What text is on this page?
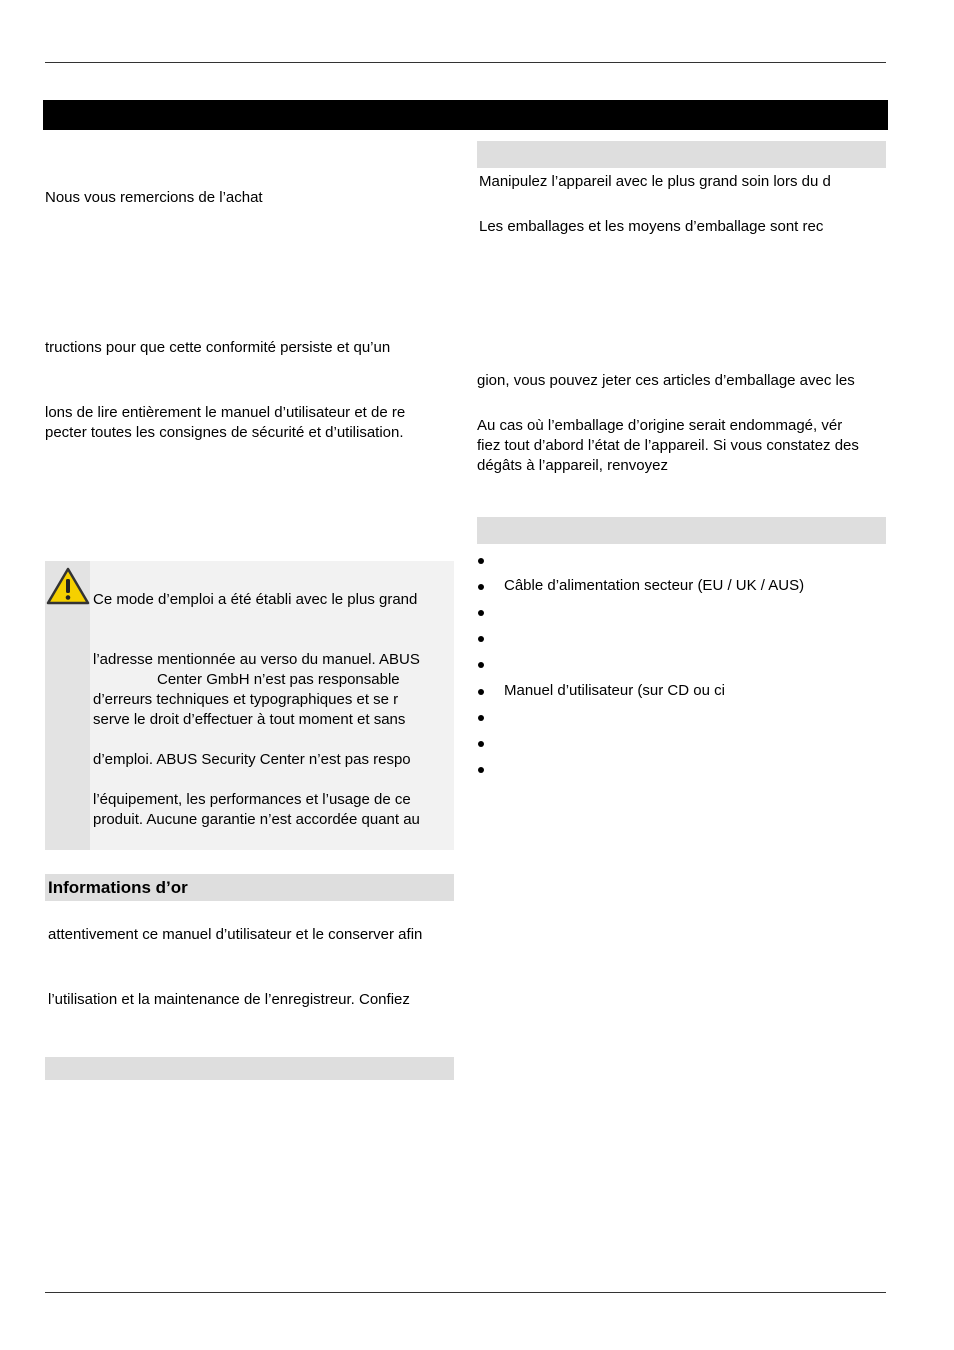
Nous vous remercions de l’achat
tructions pour que cette conformité persiste et qu’un
lons de lire entièrement le manuel d’utilisateur et de re
pecter toutes les consignes de sécurité et d’utilisation.
Ce mode d’emploi a été établi avec le plus grand
l’adresse mentionnée au verso du manuel. ABUS
Center GmbH n’est pas responsable
d’erreurs techniques et typographiques et se r
serve le droit d’effectuer à tout moment et sans
d’emploi. ABUS Security Center n’est pas respo
l’équipement, les performances et l’usage de ce
produit. Aucune garantie n’est accordée quant au
Informations d’or
attentivement ce manuel d’utilisateur et le conserver afin
l’utilisation et la maintenance de l’enregistreur. Confiez
Manipulez l’appareil avec le plus grand soin lors du d
Les emballages et les moyens d’emballage sont rec
gion, vous pouvez jeter ces articles d’emballage avec les
Au cas où l’emballage d’origine serait endommagé, vér
fiez tout d’abord l’état de l’appareil. Si vous constatez des
dégâts à l’appareil, renvoyez
Câble d’alimentation secteur (EU / UK / AUS)
Manuel d’utilisateur (sur CD ou ci
